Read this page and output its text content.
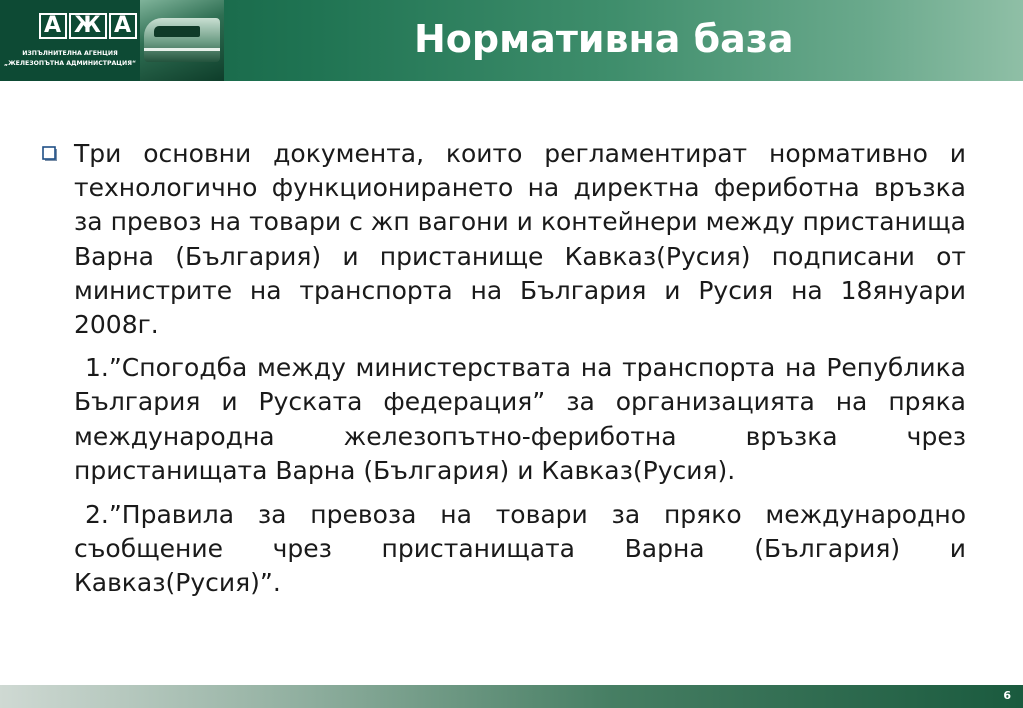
А Ж А
ИЗПЪЛНИТЕЛНА АГЕНЦИЯ
„ЖЕЛЕЗОПЪТНА АДМИНИСТРАЦИЯ“
Нормативна база

Три основни документа, които регламентират нормативно и технологично функционирането на директна фериботна връзка за превоз на товари с жп вагони и контейнери между пристанища Варна (България) и пристанище Кавказ(Русия) подписани от министрите на транспорта на България и Русия на 18януари 2008г.

1.”Спогодба между министерствата на транспорта на Република България и Руската федерация” за организацията на пряка международна железопътно-фериботна връзка чрез пристанищата Варна (България) и Кавказ(Русия).

2.”Правила за превоза на товари за пряко международно съобщение чрез пристанищата Варна (България) и Кавказ(Русия)”.

6
